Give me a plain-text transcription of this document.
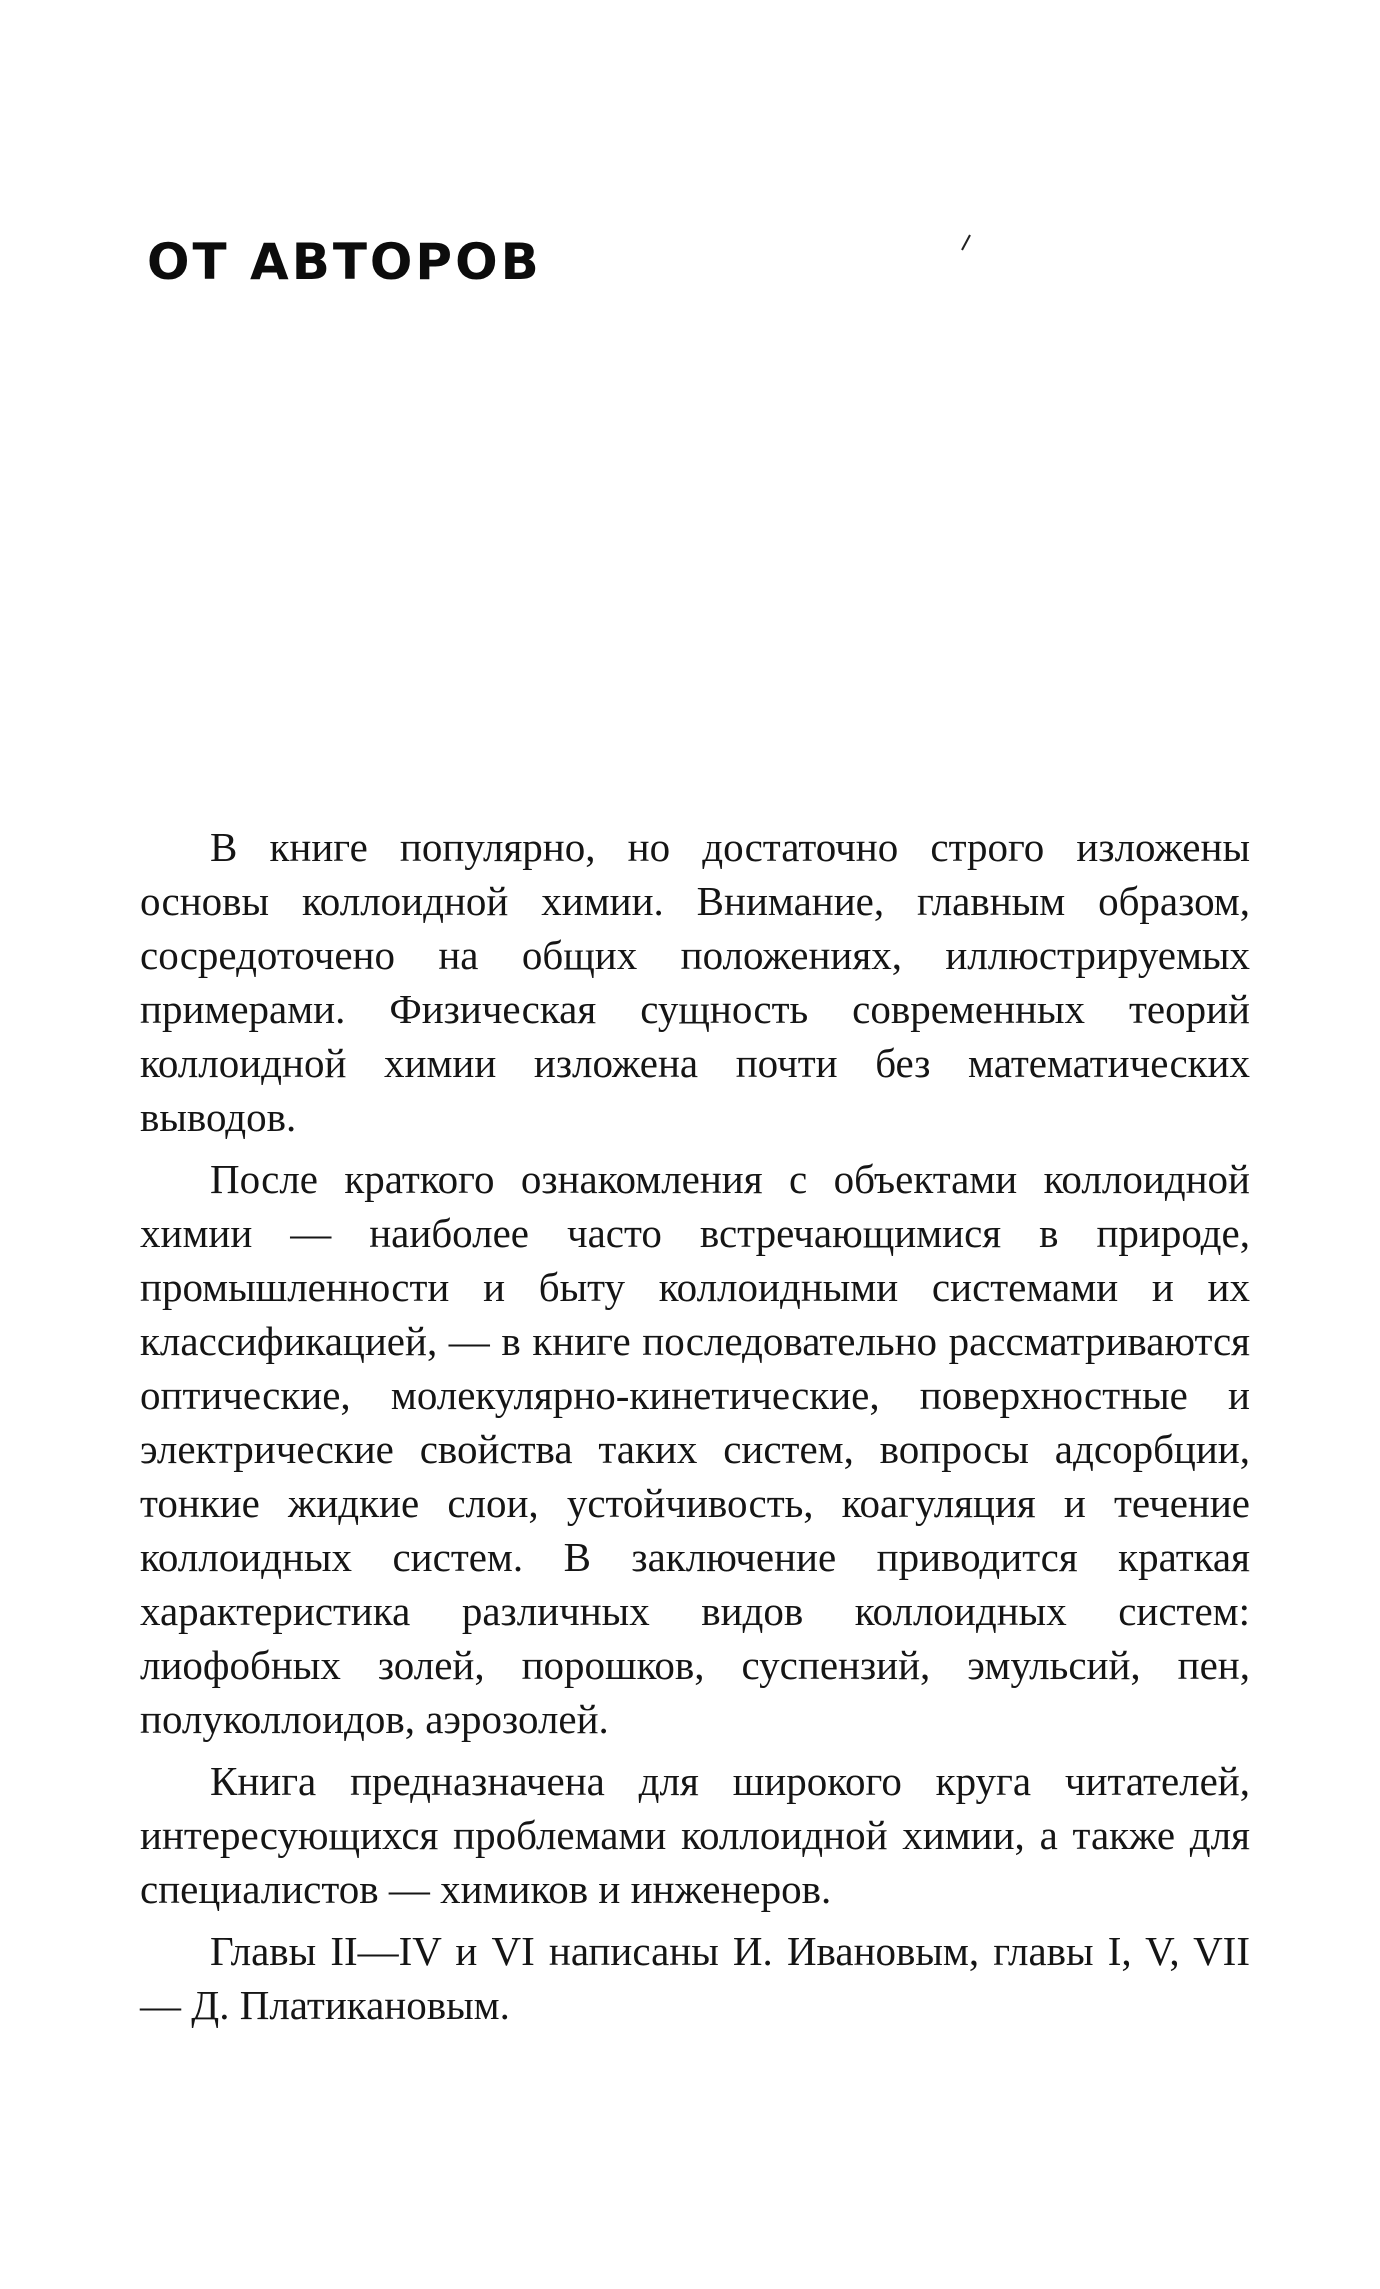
ОТ АВТОРОВ

В книге популярно, но достаточно строго изложены основы коллоидной химии. Внимание, главным образом, сосредоточено на общих положениях, иллюстрируемых примерами. Физическая сущность современных теорий коллоидной химии изложена почти без математических выводов.

После краткого ознакомления с объектами коллоидной химии — наиболее часто встречающимися в природе, промышленности и быту коллоидными системами и их классификацией, — в книге последовательно рассматриваются оптические, молекулярно-кинетические, поверхностные и электрические свойства таких систем, вопросы адсорбции, тонкие жидкие слои, устойчивость, коагуляция и течение коллоидных систем. В заключение приводится краткая характеристика различных видов коллоидных систем: лиофобных золей, порошков, суспензий, эмульсий, пен, полуколлоидов, аэрозолей.

Книга предназначена для широкого круга читателей, интересующихся проблемами коллоидной химии, а также для специалистов — химиков и инженеров.

Главы II—IV и VI написаны И. Ивановым, главы I, V, VII — Д. Платикановым.
